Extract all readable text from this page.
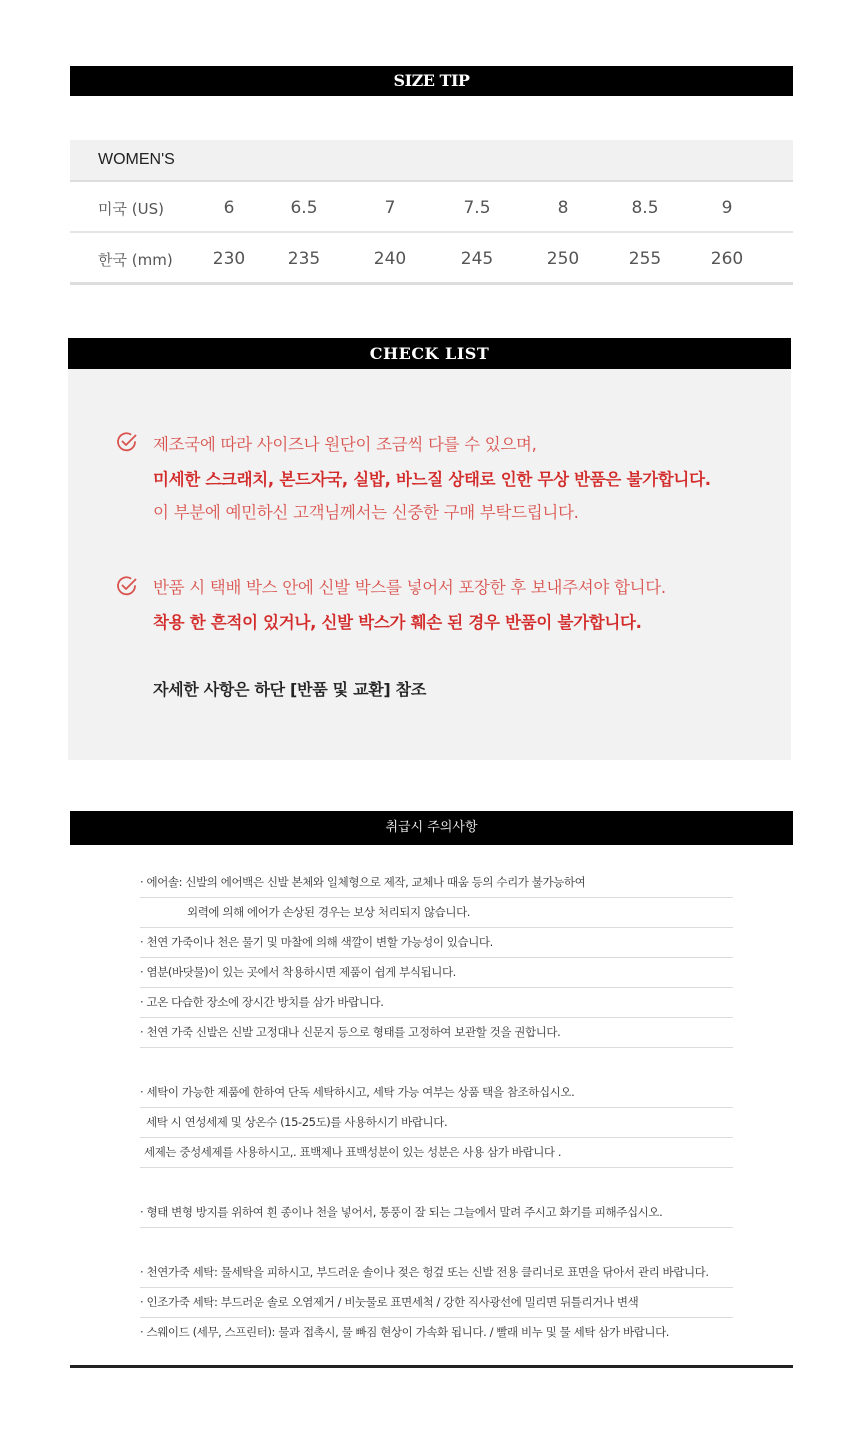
SIZE TIP
WOMEN'S
미국 (US)	6	6.5	7	7.5	8	8.5	9
한국 (mm)	230	235	240	245	250	255	260
CHECK LIST
제조국에 따라 사이즈나 원단이 조금씩 다를 수 있으며,
미세한 스크래치, 본드자국, 실밥, 바느질 상태로 인한 무상 반품은 불가합니다.
이 부분에 예민하신 고객님께서는 신중한 구매 부탁드립니다.
반품 시 택배 박스 안에 신발 박스를 넣어서 포장한 후 보내주셔야 합니다.
착용 한 흔적이 있거나, 신발 박스가 훼손 된 경우 반품이 불가합니다.
자세한 사항은 하단 [반품 및 교환] 참조
취급시 주의사항
· 에어솔: 신발의 에어백은 신발 본체와 일체형으로 제작, 교체나 때움 등의 수리가 불가능하여
외력에 의해 에어가 손상된 경우는 보상 처리되지 않습니다.
· 천연 가죽이나 천은 물기 및 마찰에 의해 색깔이 변할 가능성이 있습니다.
· 염분(바닷물)이 있는 곳에서 착용하시면 제품이 쉽게 부식됩니다.
· 고온 다습한 장소에 장시간 방치를 삼가 바랍니다.
· 천연 가죽 신발은 신발 고정대나 신문지 등으로 형태를 고정하여 보관할 것을 권합니다.
· 세탁이 가능한 제품에 한하여 단독 세탁하시고, 세탁 가능 여부는 상품 택을 참조하십시오.
세탁 시 연성세제 및 상온수 (15-25도)를 사용하시기 바랍니다.
세제는 중성세제를 사용하시고,. 표백제나 표백성분이 있는 성분은 사용 삼가 바랍니다 .
· 형태 변형 방지를 위하여 흰 종이나 천을 넣어서, 통풍이 잘 되는 그늘에서 말려 주시고 화기를 피해주십시오.
· 천연가죽 세탁: 물세탁을 피하시고, 부드러운 솔이나 젖은 헝겊 또는 신발 전용 클리너로 표면을 닦아서 관리 바랍니다.
· 인조가죽 세탁: 부드러운 솔로 오염제거 / 비눗물로 표면세척 / 강한 직사광선에 밀리면 뒤틀리거나 변색
· 스웨이드 (세무, 스프린터): 물과 접촉시, 물 빠짐 현상이 가속화 됩니다. / 빨래 비누 및 물 세탁 삼가 바랍니다.
